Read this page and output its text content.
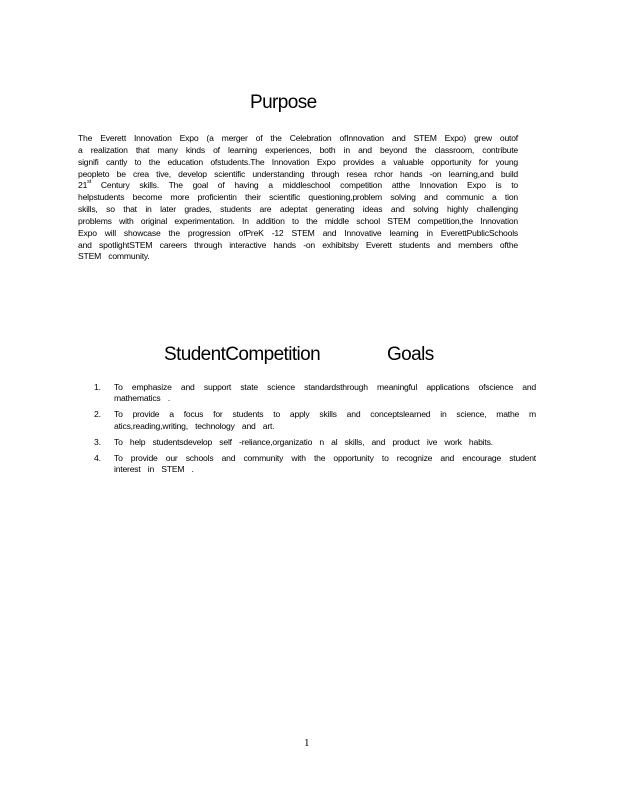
Purpose

The Everett Innovation Expo (a merger of the Celebration ofInnovation and STEM Expo) grew outof a realization that many kinds of learning experiences, both in and beyond the classroom, contribute signifi cantly to the education ofstudents.The Innovation Expo provides a valuable opportunity for young peopleto be crea tive, develop scientific understanding through resea rchor hands -on learning,and build 21st Century skills. The goal of having a middleschool competition atthe Innovation Expo is to helpstudents become more proficientin their scientific questioning,problem solving and communic a tion skills, so that in later grades, students are adeptat generating ideas and solving highly challenging problems with original experimentation. In addition to the middle school STEM competition,the Innovation Expo will showcase the progression ofPreK -12 STEM and Innovative learning in EverettPublicSchools and spotlightSTEM careers through interactive hands -on exhibitsby Everett students and members ofthe STEM community.

StudentCompetition	Goals
1. To emphasize and support state science standardsthrough meaningful applications ofscience and mathematics .
2. To provide a focus for students to apply skills and conceptslearned in science, mathe m atics,reading,writing, technology and art.
3. To help studentsdevelop self -reliance,organizatio n al skills, and product ive work habits.
4. To provide our schools and community with the opportunity to recognize and encourage student interest in STEM .
1
